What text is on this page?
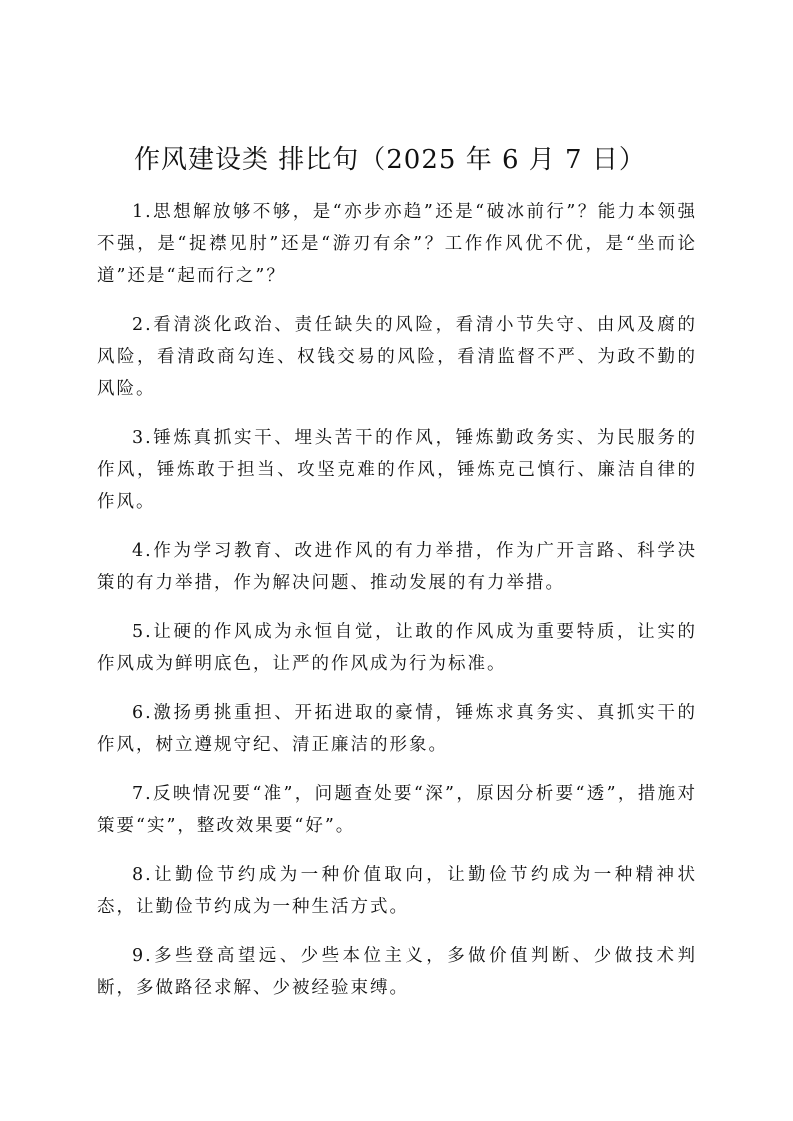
作风建设类 排比句（2025 年 6 月 7 日）

1.思想解放够不够，是“亦步亦趋”还是“破冰前行”？能力本领强不强，是“捉襟见肘”还是“游刃有余”？工作作风优不优，是“坐而论道”还是“起而行之”？

2.看清淡化政治、责任缺失的风险，看清小节失守、由风及腐的风险，看清政商勾连、权钱交易的风险，看清监督不严、为政不勤的风险。

3.锤炼真抓实干、埋头苦干的作风，锤炼勤政务实、为民服务的作风，锤炼敢于担当、攻坚克难的作风，锤炼克己慎行、廉洁自律的作风。

4.作为学习教育、改进作风的有力举措，作为广开言路、科学决策的有力举措，作为解决问题、推动发展的有力举措。

5.让硬的作风成为永恒自觉，让敢的作风成为重要特质，让实的作风成为鲜明底色，让严的作风成为行为标准。

6.激扬勇挑重担、开拓进取的豪情，锤炼求真务实、真抓实干的作风，树立遵规守纪、清正廉洁的形象。

7.反映情况要“准”，问题查处要“深”，原因分析要“透”，措施对策要“实”，整改效果要“好”。

8.让勤俭节约成为一种价值取向，让勤俭节约成为一种精神状态，让勤俭节约成为一种生活方式。

9.多些登高望远、少些本位主义，多做价值判断、少做技术判断，多做路径求解、少被经验束缚。
